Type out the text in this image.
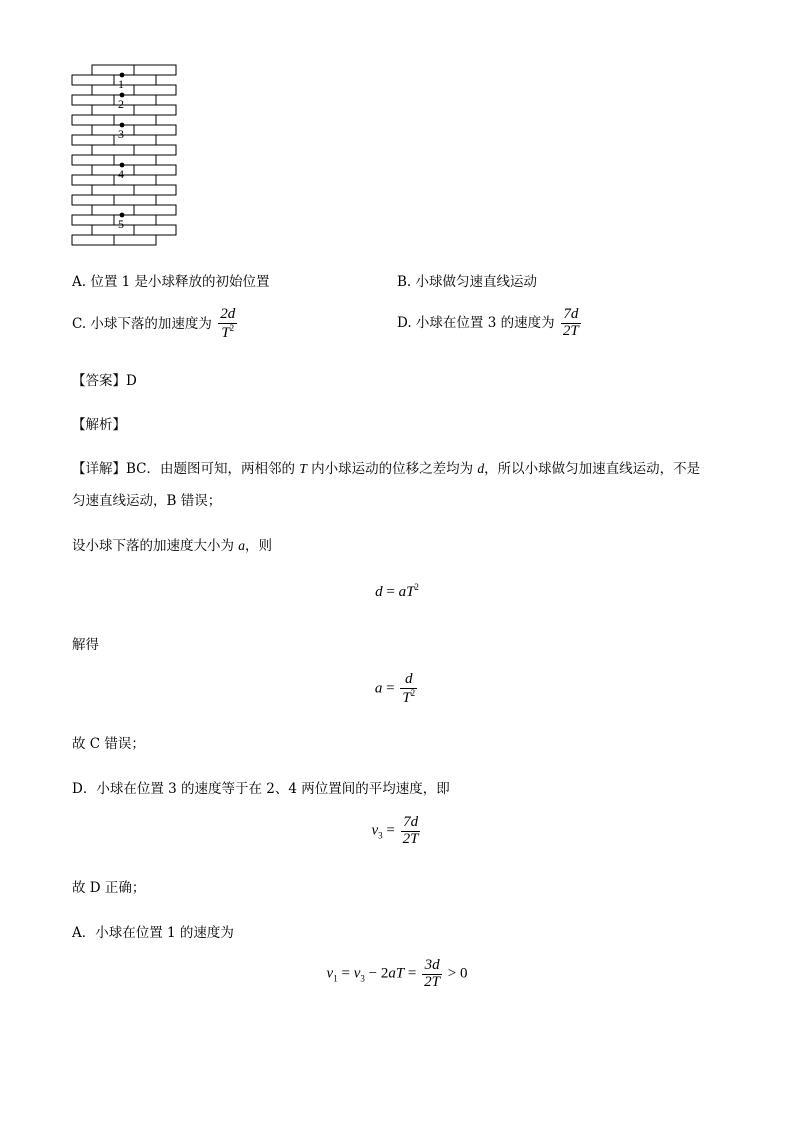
1
2
3
4
5
A. 位置 1 是小球释放的初始位置	B. 小球做匀速直线运动
C. 小球下落的加速度为 $\frac{2d}{T^2}$	D. 小球在位置 3 的速度为 $\frac{7d}{2T}$
【答案】D
【解析】
【详解】BC．由题图可知，两相邻的 T 内小球运动的位移之差均为 d，所以小球做匀加速直线运动，不是
匀速直线运动，B 错误；
设小球下落的加速度大小为 a，则
$d = aT^2$
解得
$a = \frac{d}{T^2}$
故 C 错误；
D．小球在位置 3 的速度等于在 2、4 两位置间的平均速度，即
$v_3 = \frac{7d}{2T}$
故 D 正确；
A．小球在位置 1 的速度为
$v_1 = v_3 - 2aT = \frac{3d}{2T} > 0$
